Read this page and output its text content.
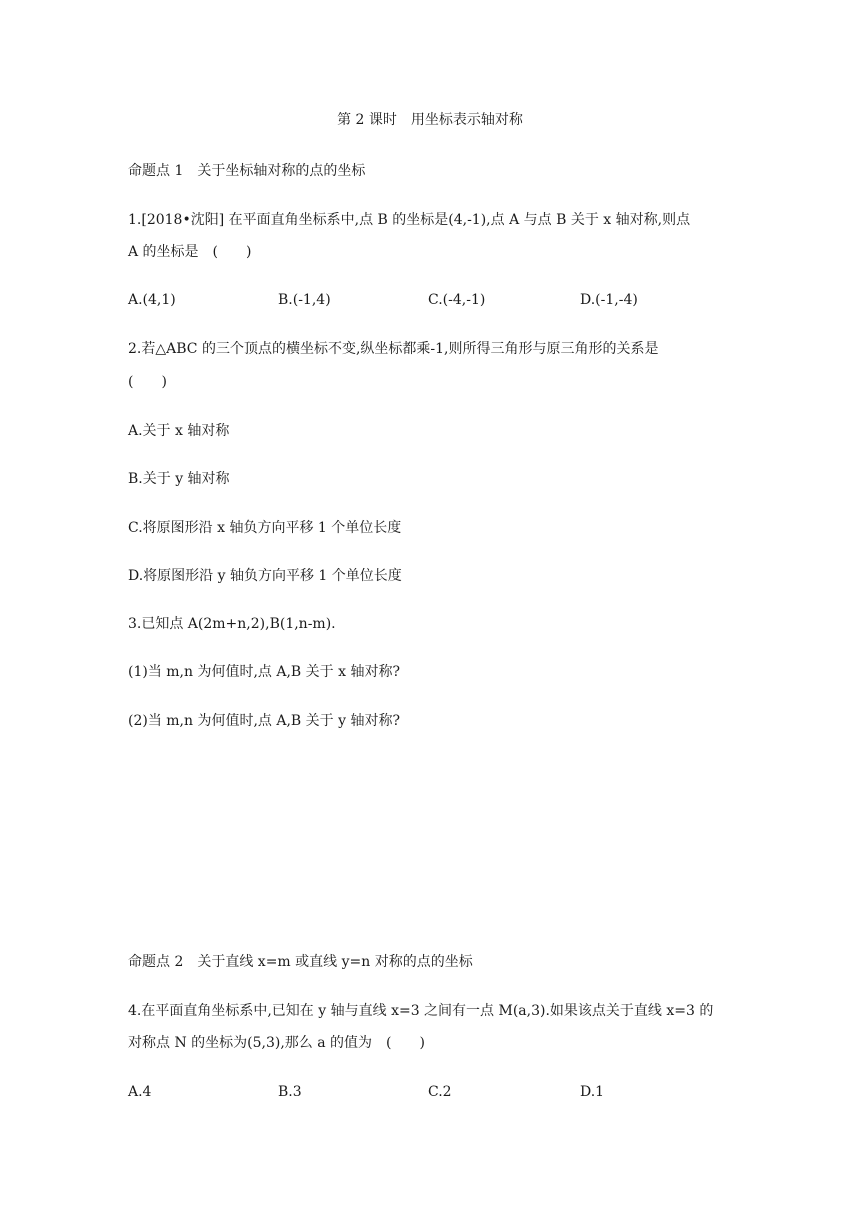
第 2 课时　用坐标表示轴对称
命题点 1　关于坐标轴对称的点的坐标
1.[2018•沈阳] 在平面直角坐标系中,点 B 的坐标是(4,-1),点 A 与点 B 关于 x 轴对称,则点
A 的坐标是　(　　)
A.(4,1)	B.(-1,4)	C.(-4,-1)	D.(-1,-4)
2.若△ABC 的三个顶点的横坐标不变,纵坐标都乘-1,则所得三角形与原三角形的关系是
(　　)
A.关于 x 轴对称
B.关于 y 轴对称
C.将原图形沿 x 轴负方向平移 1 个单位长度
D.将原图形沿 y 轴负方向平移 1 个单位长度
3.已知点 A(2m+n,2),B(1,n-m).
(1)当 m,n 为何值时,点 A,B 关于 x 轴对称?
(2)当 m,n 为何值时,点 A,B 关于 y 轴对称?
命题点 2　关于直线 x=m 或直线 y=n 对称的点的坐标
4.在平面直角坐标系中,已知在 y 轴与直线 x=3 之间有一点 M(a,3).如果该点关于直线 x=3 的
对称点 N 的坐标为(5,3),那么 a 的值为　(　　)
A.4	B.3	C.2	D.1
